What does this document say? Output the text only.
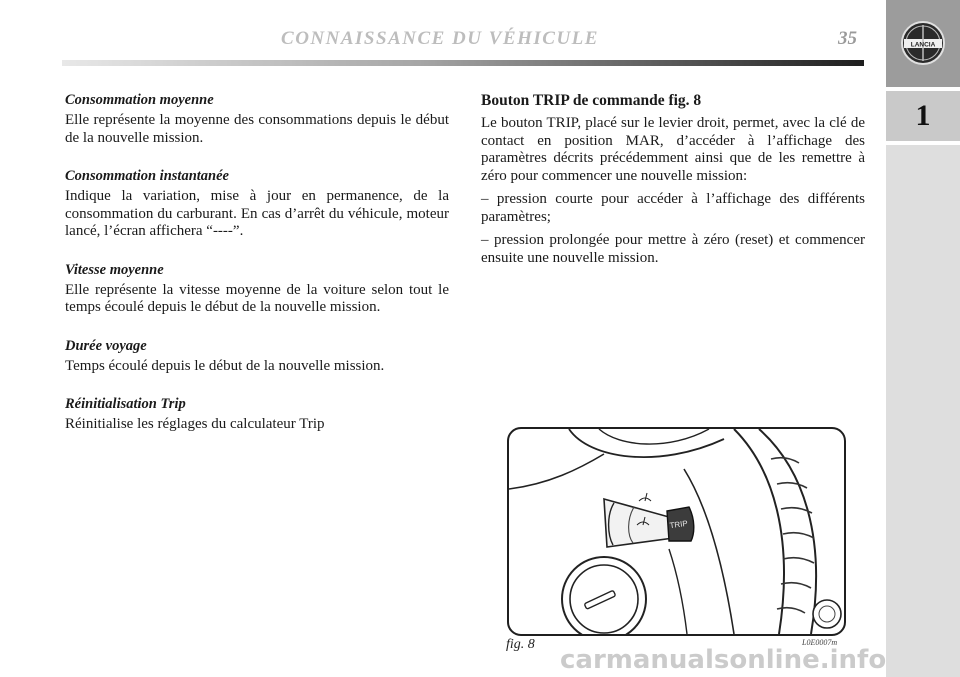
CONNAISSANCE DU VÉHICULE	35	LANCIA
1

Consommation moyenne

Elle représente la moyenne des consommations depuis le début de la nouvelle mission.

Consommation instantanée

Indique la variation, mise à jour en permanence, de la consommation du carburant. En cas d’arrêt du véhicule, moteur lancé, l’écran affichera “----”.

Vitesse moyenne

Elle représente la vitesse moyenne de la voiture selon tout le temps écoulé depuis le début de la nouvelle mission.

Durée voyage

Temps écoulé depuis le début de la nouvelle mission.

Réinitialisation Trip

Réinitialise les réglages du calculateur Trip

Bouton TRIP de commande fig. 8

Le bouton TRIP, placé sur le levier droit, permet, avec la clé de contact en position MAR, d’accéder à l’affichage des paramètres décrits précédemment ainsi que de les remettre à zéro pour commencer une nouvelle mission:

– pression courte pour accéder à l’affichage des différents paramètres;

– pression prolongée pour mettre à zéro (reset) et commencer ensuite une nouvelle mission.

TRIP
fig. 8	L0E0007m
carmanualsonline.info
